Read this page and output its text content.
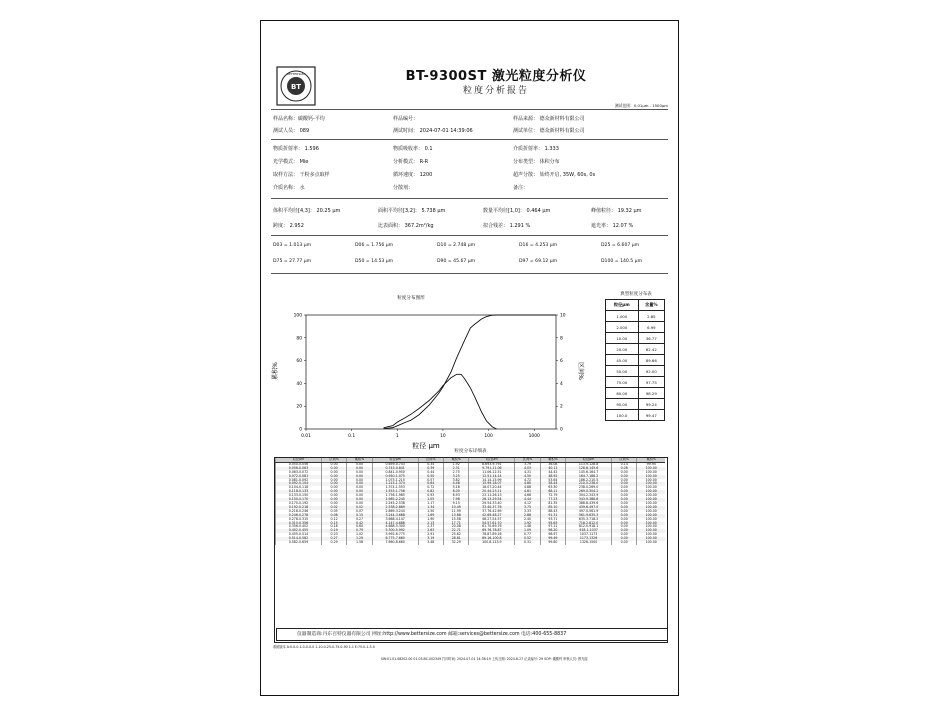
BT
BETTERSIZE	BT-9300ST 激光粒度分析仪
粒度分析报告
测试范围：0.01μm - 1500μm
样品名称：碳酸钙-平均	样品编号：	样品来源： 德众新材料有限公司
测试人员： 089	测试时间： 2024-07-01 14:39:06	测试单位： 德众新材料有限公司
物质折射率： 1.596	物质吸收率： 0.1	介质折射率： 1.333
光学模式： Mie	分析模式： R-R	分布类型： 体积分布
取样方法： 干粉多点取样	循环速度： 1200	超声分散： 始终开启, 35W, 60s, 0s
介质名称： 水	分散剂：	备注：
体积平均径[4,3]： 20.25 μm	面积平均径[3,2]： 5.738 μm	数量平均径[1,0]： 0.464 μm	峰值粒径： 19.32 μm
跨度： 2.952	比表面积： 367.2m²/kg	拟合残差： 1.291 %	遮光率： 12.07 %
D03 = 1.013 μm	D06 = 1.756 μm	D10 = 2.748 μm	D16 = 4.253 μm	D25 = 6.607 μm
D75 = 27.77 μm	D50 = 14.53 μm	D90 = 45.67 μm	D97 = 69.12 μm	D100 = 140.5 μm
粒度分布图形
0.01	0.1	1	10	100	1000
0
20
40
60
80
100
0
2
4
6
8
10
累积%	区间%
粒径 μm
典型粒度分布表
粒径μm	含量%
1.000	2.85
2.000	6.99
10.00	36.77
20.00	62.42
45.00	89.66
50.00	92.00
75.00	97.75
80.00	98.29
95.00	99.24
100.0	99.47
粒度分布详细表
粒径μm	区间%	累积%	粒径μm	区间%	累积%	粒径μm	区间%	累积%	粒径μm	区间%	累积%
0.050-0.056	0.00	0.00	0.659-0.743	0.34	1.92	8.693-9.791	3.79	36.08	113.9-128.8	0.14	99.94
0.056-0.063	0.00	0.00	0.743-0.841	0.39	2.31	9.791-11.06	4.03	40.11	128.8-145.6	0.06	100.00
0.063-0.072	0.00	0.00	0.841-0.950	0.44	2.75	11.06-12.51	4.31	44.42	145.6-164.7	0.00	100.00
0.072-0.081	0.00	0.00	0.950-1.075	0.50	3.25	12.51-14.14	4.50	48.92	164.7-186.2	0.00	100.00
0.081-0.092	0.00	0.00	1.075-1.215	0.57	3.82	14.14-15.99	4.72	53.64	186.2-210.5	0.00	100.00
0.092-0.104	0.00	0.00	1.215-1.374	0.64	4.46	15.99-18.07	4.80	58.44	210.5-238.0	0.00	100.00
0.104-0.118	0.00	0.00	1.374-1.553	0.72	5.18	18.07-20.44	4.88	63.30	238.0-269.0	0.00	100.00
0.118-0.133	0.00	0.00	1.553-1.756	0.82	6.00	20.44-23.11	4.81	68.11	269.0-304.2	0.00	100.00
0.133-0.150	0.00	0.00	1.756-1.985	0.93	6.93	23.11-26.13	4.68	72.79	304.2-343.9	0.00	100.00
0.150-0.170	0.00	0.00	1.985-2.245	1.05	7.98	26.13-29.54	4.44	77.23	343.9-388.8	0.00	100.00
0.170-0.192	0.00	0.00	2.245-2.538	1.17	9.15	29.54-33.40	4.12	81.35	388.8-439.6	0.00	100.00
0.192-0.218	0.02	0.02	2.538-2.869	1.34	10.49	33.40-37.76	3.75	85.10	439.6-497.0	0.00	100.00
0.218-0.246	0.05	0.07	2.869-3.244	1.50	11.99	37.76-42.69	3.33	88.43	497.0-561.9	0.00	100.00
0.246-0.278	0.08	0.15	3.244-3.668	1.69	13.68	42.69-48.27	2.88	91.31	561.9-635.3	0.00	100.00
0.278-0.315	0.12	0.27	3.668-4.147	1.90	15.58	48.27-54.57	2.40	93.71	635.3-718.2	0.00	100.00
0.315-0.356	0.15	0.42	4.147-4.688	2.13	17.71	54.57-61.70	1.92	95.63	718.2-812.0	0.00	100.00
0.356-0.402	0.18	0.60	4.688-5.300	2.37	20.08	61.70-69.76	1.48	97.11	812.0-918.1	0.00	100.00
0.402-0.455	0.19	0.79	5.300-5.992	2.63	22.71	69.76-78.87	1.09	98.20	918.1-1037	0.00	100.00
0.455-0.514	0.23	1.02	5.992-6.775	2.91	25.62	78.87-89.16	0.77	98.97	1037-1173	0.00	100.00
0.514-0.582	0.27	1.29	6.775-7.660	3.19	28.81	89.16-100.8	0.52	99.49	1173-1326	0.00	100.00
0.582-0.659	0.29	1.58	7.660-8.660	3.48	32.29	100.8-113.9	0.31	99.80	1326-1500	0.00	100.00
仪器制造商:丹东百特仪器有限公司 网址:http://www.bettersize.com 邮箱:services@bettersize.com 电话:400-655-8837
系统版本 A:0-0-0-1-0-0-0-0 1-10-0-25-0-75-0-90 1-1 E:75-0-1-3-0
SW:01.01.08202.00 01.03.BC.002349 打印时间: 2024-07-01 14:38:19 上传日期: 2024-6-27 记录编号: 29 SOP: 碳酸钙 审核人员: 教光屋
